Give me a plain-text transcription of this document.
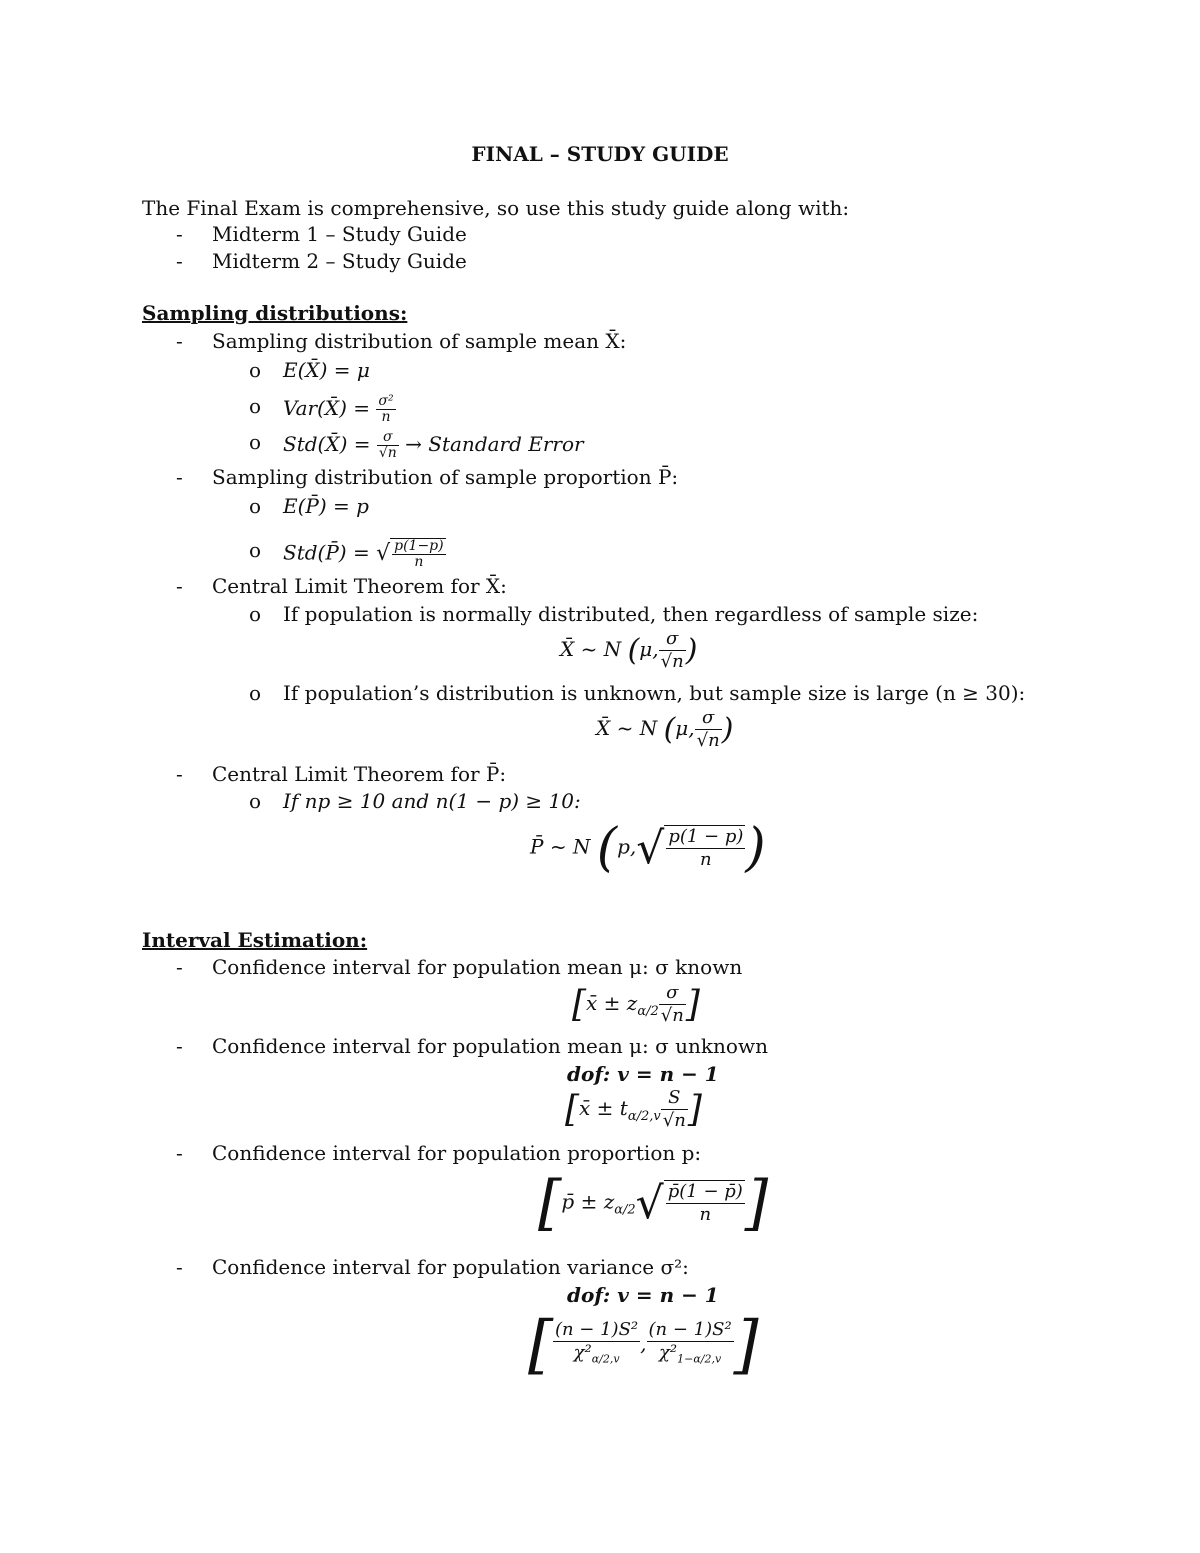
FINAL – STUDY GUIDE
The Final Exam is comprehensive, so use this study guide along with:
- Midterm 1 – Study Guide
- Midterm 2 – Study Guide
Sampling distributions:
- Sampling distribution of sample mean X̄:
o E(X̄) = μ
o Var(X̄) = $\frac{\text{σ²}}{n}$
o Std(X̄) = $\frac{\sigma}{√n}$ → Standard Error
- Sampling distribution of sample proportion P̄:
o E(P̄) = p
o Std(P̄) = √ $\frac{p(1-p)}{n}$
- Central Limit Theorem for X̄:
o If population is normally distributed, then regardless of sample size:
X̄ ~ N (μ, $\frac{\sigma}{√n}$ )
o If population’s distribution is unknown, but sample size is large (n ≥ 30):
X̄ ~ N (μ, $\frac{\sigma}{√n}$ )
- Central Limit Theorem for P̄:
o If np ≥ 10 and n(1 − p) ≥ 10:
P̄ ~ N ($p,√ \frac{p(1 - p)}{n}$ )
Interval Estimation:
- Confidence interval for population mean μ: σ known
[x̄ ± $z_{\alpha/2} \frac{\sigma}{√n}$ ]
- Confidence interval for population mean μ: σ unknown
dof: v = n − 1
[x̄ ± $t_{\alpha/2,v} \frac{S}{√n}$ ]
- Confidence interval for population proportion p:
[p̄ ± $z_{\alpha/2}√ \frac{p̄(1 - p̄)}{n}$ ]
- Confidence interval for population variance σ²:
dof: v = n − 1
[ $\frac{\text{(n − 1)S²}}{\chi^2_{\alpha/2,v}}$ , $\frac{\text{(n − 1)S²}}{\chi^2_{1-\alpha/2,v}}$ ]
